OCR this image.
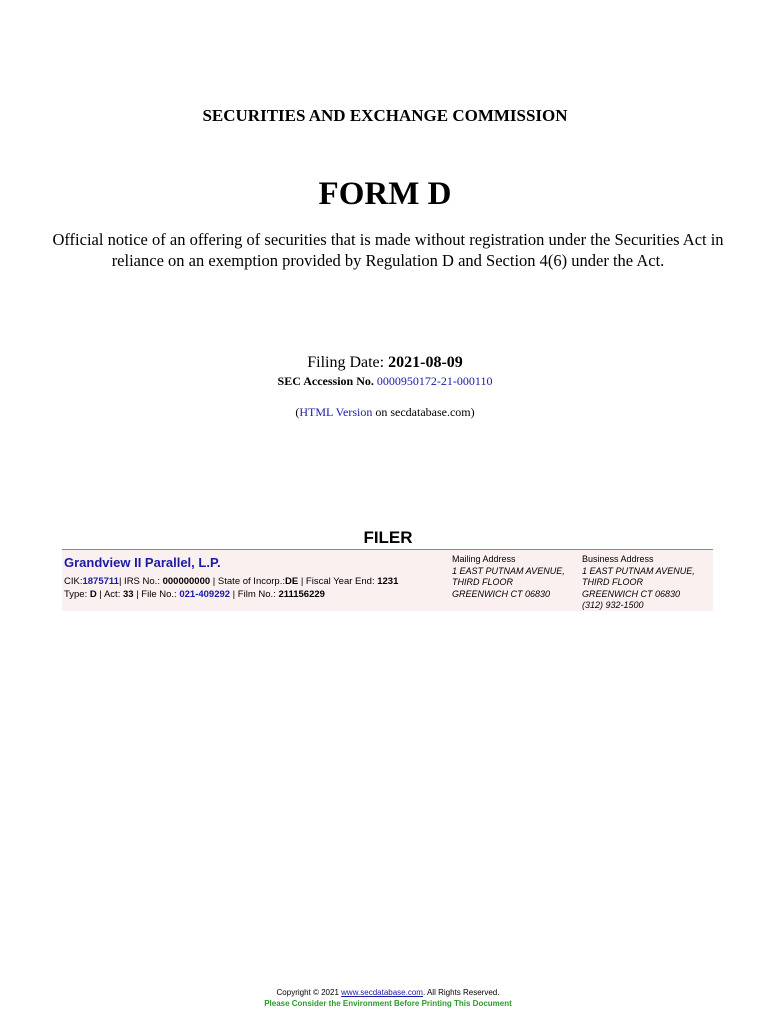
SECURITIES AND EXCHANGE COMMISSION
FORM D
Official notice of an offering of securities that is made without registration under the Securities Act in reliance on an exemption provided by Regulation D and Section 4(6) under the Act.
Filing Date: 2021-08-09
SEC Accession No. 0000950172-21-000110
(HTML Version on secdatabase.com)
FILER
Grandview II Parallel, L.P.
CIK:1875711| IRS No.: 000000000 | State of Incorp.:DE | Fiscal Year End: 1231
Type: D | Act: 33 | File No.: 021-409292 | Film No.: 211156229
Mailing Address
1 EAST PUTNAM AVENUE,
THIRD FLOOR
GREENWICH CT 06830
Business Address
1 EAST PUTNAM AVENUE,
THIRD FLOOR
GREENWICH CT 06830
(312) 932-1500
Copyright © 2021 www.secdatabase.com. All Rights Reserved.
Please Consider the Environment Before Printing This Document
